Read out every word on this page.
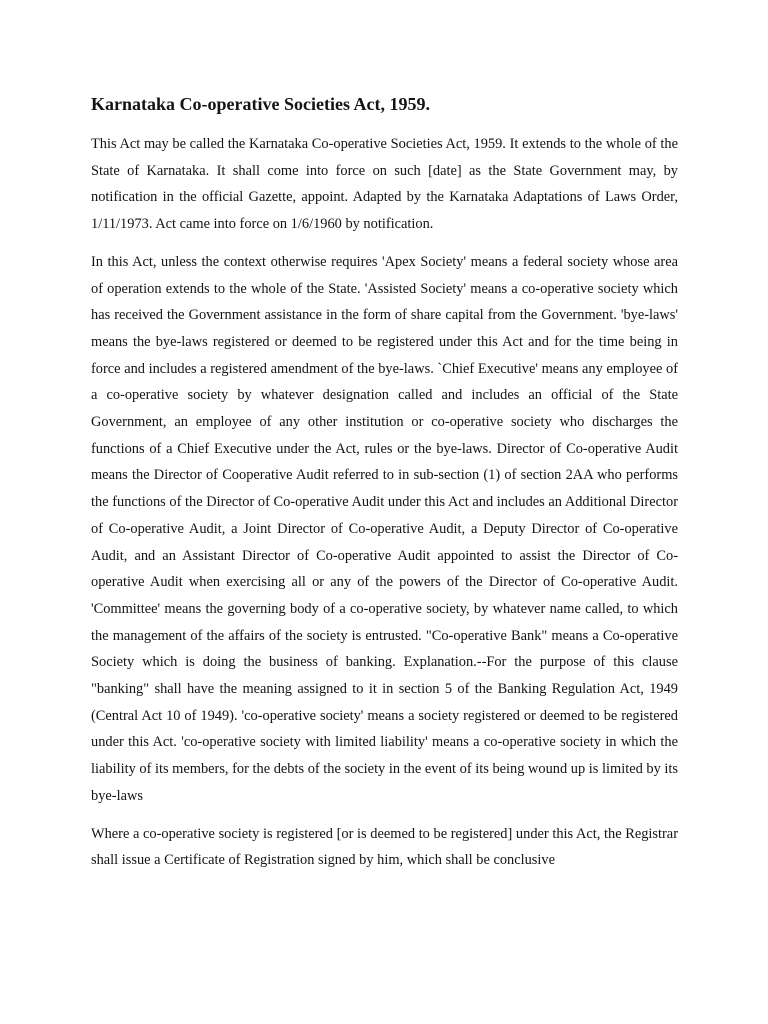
Karnataka Co-operative Societies Act, 1959.

This Act may be called the Karnataka Co-operative Societies Act, 1959. It extends to the whole of the State of Karnataka. It shall come into force on such [date] as the State Government may, by notification in the official Gazette, appoint. Adapted by the Karnataka Adaptations of Laws Order, 1/11/1973. Act came into force on 1/6/1960 by notification.

In this Act, unless the context otherwise requires 'Apex Society' means a federal society whose area of operation extends to the whole of the State. 'Assisted Society' means a co-operative society which has received the Government assistance in the form of share capital from the Government. 'bye-laws' means the bye-laws registered or deemed to be registered under this Act and for the time being in force and includes a registered amendment of the bye-laws. `Chief Executive' means any employee of a co-operative society by whatever designation called and includes an official of the State Government, an employee of any other institution or co-operative society who discharges the functions of a Chief Executive under the Act, rules or the bye-laws. Director of Co-operative Audit means the Director of Cooperative Audit referred to in sub-section (1) of section 2AA who performs the functions of the Director of Co-operative Audit under this Act and includes an Additional Director of Co-operative Audit, a Joint Director of Co-operative Audit, a Deputy Director of Co-operative Audit, and an Assistant Director of Co-operative Audit appointed to assist the Director of Co-operative Audit when exercising all or any of the powers of the Director of Co-operative Audit. 'Committee' means the governing body of a co-operative society, by whatever name called, to which the management of the affairs of the society is entrusted. "Co-operative Bank" means a Co-operative Society which is doing the business of banking. Explanation.--For the purpose of this clause "banking" shall have the meaning assigned to it in section 5 of the Banking Regulation Act, 1949 (Central Act 10 of 1949). 'co-operative society' means a society registered or deemed to be registered under this Act. 'co-operative society with limited liability' means a co-operative society in which the liability of its members, for the debts of the society in the event of its being wound up is limited by its bye-laws

Where a co-operative society is registered [or is deemed to be registered] under this Act, the Registrar shall issue a Certificate of Registration signed by him, which shall be conclusive
